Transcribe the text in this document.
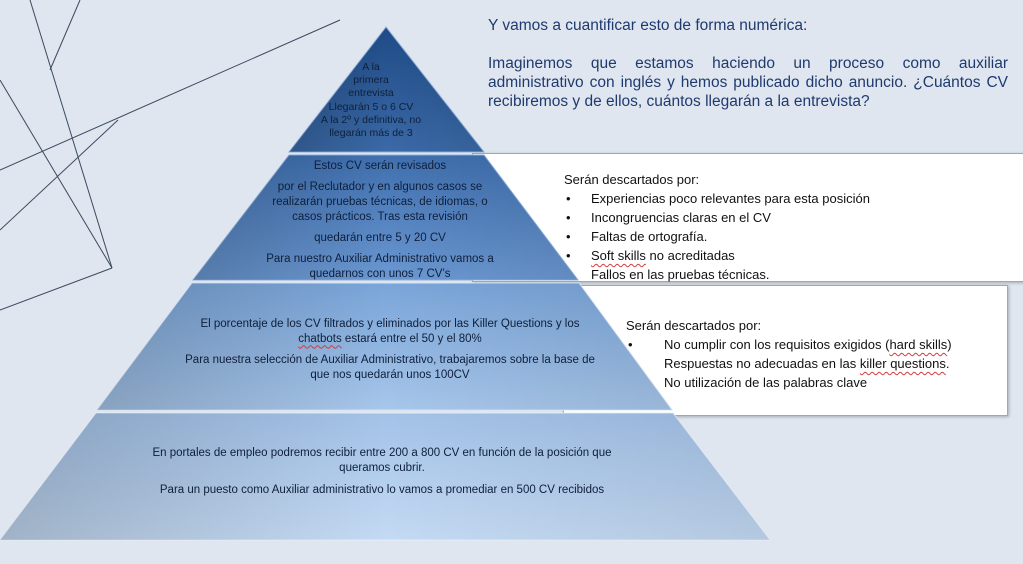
Y vamos a cuantificar esto de forma numérica:
Imaginemos que estamos haciendo un proceso como auxiliar administrativo con inglés y hemos publicado dicho anuncio. ¿Cuántos CV recibiremos y de ellos, cuántos llegarán a la entrevista?
Serán descartados por:
• Experiencias poco relevantes para esta posición
• Incongruencias claras en el CV
• Faltas de ortografía.
• Soft skills no acreditadas
• Fallos en las pruebas técnicas.
Serán descartados por:
• No cumplir con los requisitos exigidos (hard skills)
• Respuestas no adecuadas en las killer questions.
• No utilización de las palabras clave

A la

primera

entrevista

Llegarán 5 o 6 CV

A la 2º y definitiva, no

llegarán más de 3

Estos CV serán revisados

por el Reclutador y en algunos casos se realizarán pruebas técnicas, de idiomas, o casos prácticos. Tras esta revisión

quedarán entre 5 y 20 CV

Para nuestro Auxiliar Administrativo vamos a quedarnos con unos 7 CV’s

El porcentaje de los CV filtrados y eliminados por las Killer Questions y los chatbots estará entre el 50 y el 80%

Para nuestra selección de Auxiliar Administrativo, trabajaremos sobre la base de que nos quedarán unos 100CV

En portales de empleo podremos recibir entre 200 a 800 CV en función de la posición que queramos cubrir.

Para un puesto como Auxiliar administrativo lo vamos a promediar en 500 CV recibidos
